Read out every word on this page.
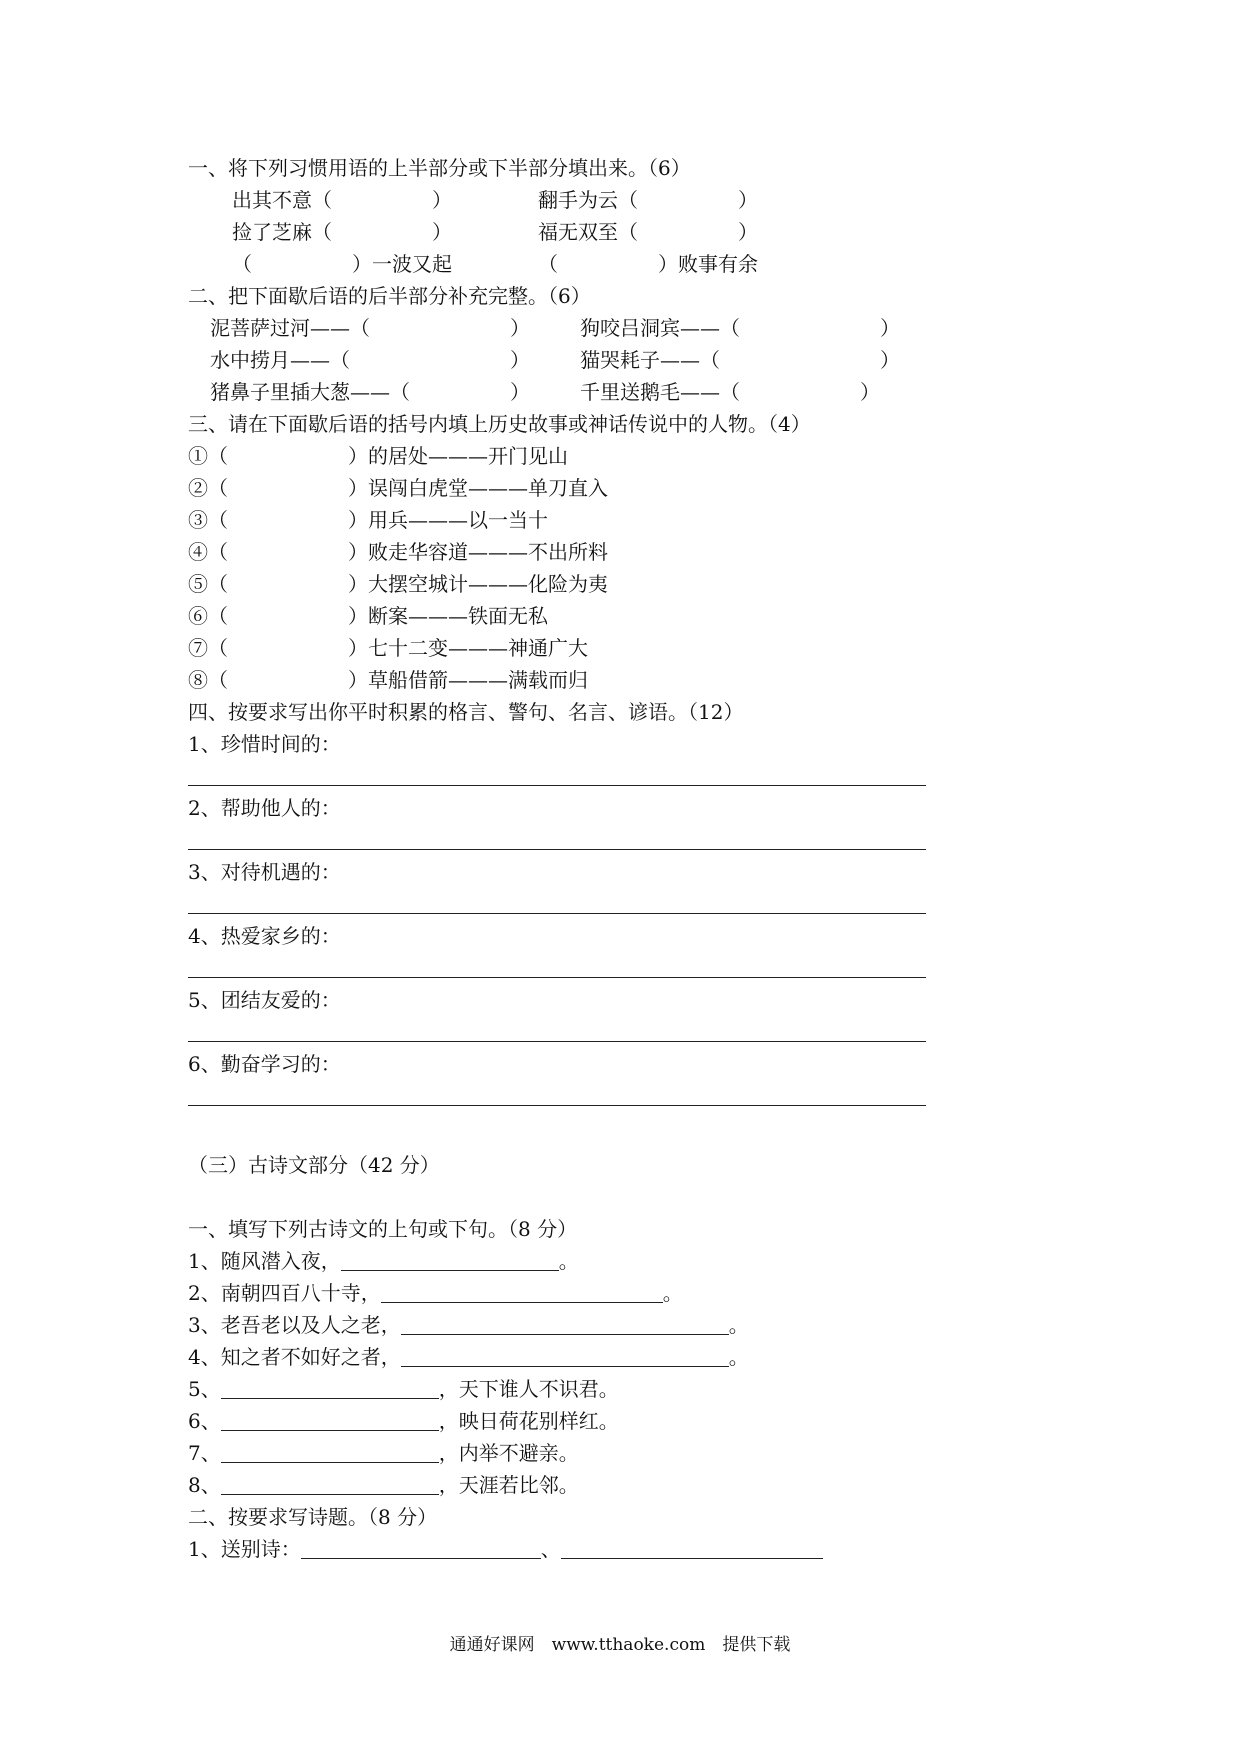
一、将下列习惯用语的上半部分或下半部分填出来。（6）
出其不意（　　　　　）	翻手为云（　　　　　）
捡了芝麻（　　　　　）	福无双至（　　　　　）
（　　　　　）一波又起	（　　　　　）败事有余
二、把下面歇后语的后半部分补充完整。（6）
泥菩萨过河——（　　　　　　　）	狗咬吕洞宾——（　　　　　　　）
水中捞月——（　　　　　　　　）	猫哭耗子——（　　　　　　　　）
猪鼻子里插大葱——（　　　　　）	千里送鹅毛——（　　　　　　）
三、请在下面歇后语的括号内填上历史故事或神话传说中的人物。（4）
①（　　　　　　）的居处———开门见山
②（　　　　　　）误闯白虎堂———单刀直入
③（　　　　　　）用兵———以一当十
④（　　　　　　）败走华容道———不出所料
⑤（　　　　　　）大摆空城计———化险为夷
⑥（　　　　　　）断案———铁面无私
⑦（　　　　　　）七十二变———神通广大
⑧（　　　　　　）草船借箭———满载而归
四、按要求写出你平时积累的格言、警句、名言、谚语。（12）
1、珍惜时间的：
2、帮助他人的：
3、对待机遇的：
4、热爱家乡的：
5、团结友爱的：
6、勤奋学习的：
（三）古诗文部分（42 分）
一、填写下列古诗文的上句或下句。（8 分）
1、随风潜入夜，	。
2、南朝四百八十寺，	。
3、老吾老以及人之老，	。
4、知之者不如好之者，	。
5、	，天下谁人不识君。
6、	，映日荷花别样红。
7、	，内举不避亲。
8、	，天涯若比邻。
二、按要求写诗题。（8 分）
1、送别诗：	、
通通好课网　www.tthaoke.com　提供下载
